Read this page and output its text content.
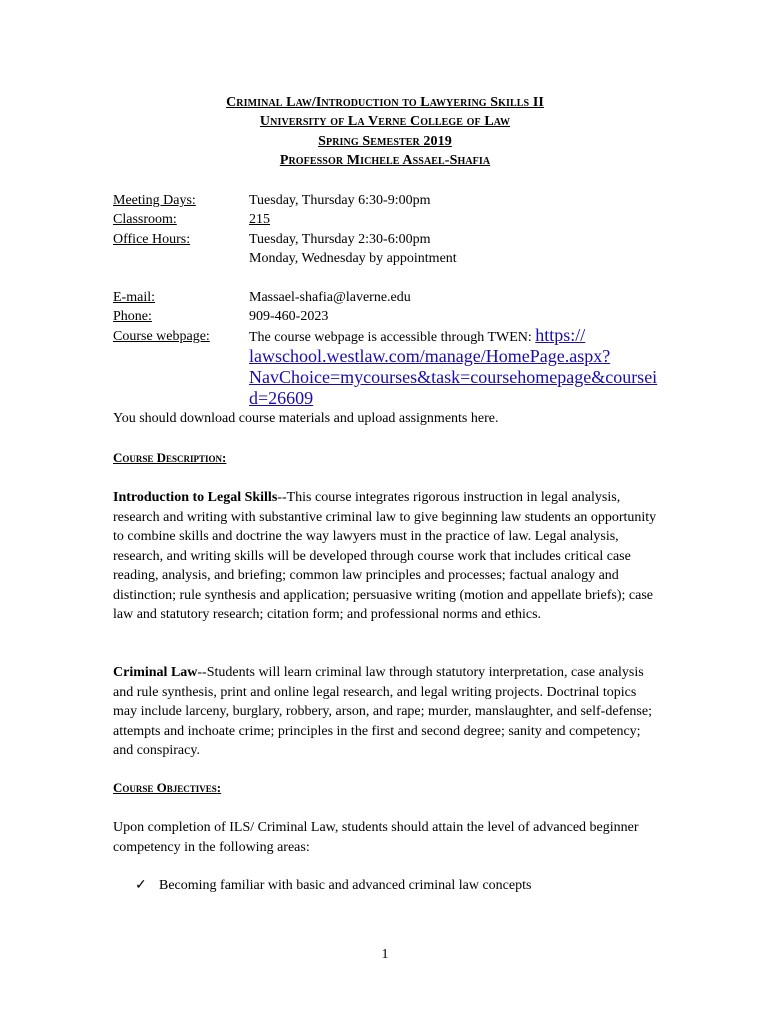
Criminal Law/Introduction to Lawyering Skills II

University of La Verne College of Law

Spring Semester 2019

Professor Michele Assael-Shafia

Meeting Days:	Tuesday, Thursday 6:30-9:00pm
Classroom:	215
Office Hours:	Tuesday, Thursday 2:30-6:00pm
Monday, Wednesday by appointment
E-mail:	Massael-shafia@laverne.edu
Phone:	909-460-2023
Course webpage:	The course webpage is accessible through TWEN: https://
lawschool.westlaw.com/manage/HomePage.aspx?
NavChoice=mycourses&task=coursehomepage&coursei
d=26609
You should download course materials and upload assignments here.
Course Description:

Introduction to Legal Skills--This course integrates rigorous instruction in legal analysis, research and writing with substantive criminal law to give beginning law students an opportunity to combine skills and doctrine the way lawyers must in the practice of law. Legal analysis, research, and writing skills will be developed through course work that includes critical case reading, analysis, and briefing; common law principles and processes; factual analogy and distinction; rule synthesis and application; persuasive writing (motion and appellate briefs); case law and statutory research; citation form; and professional norms and ethics.

Criminal Law--Students will learn criminal law through statutory interpretation, case analysis and rule synthesis, print and online legal research, and legal writing projects. Doctrinal topics may include larceny, burglary, robbery, arson, and rape; murder, manslaughter, and self-defense; attempts and inchoate crime; principles in the first and second degree; sanity and competency; and conspiracy.

Course Objectives:

Upon completion of ILS/ Criminal Law, students should attain the level of advanced beginner competency in the following areas:

✓ Becoming familiar with basic and advanced criminal law concepts
1
